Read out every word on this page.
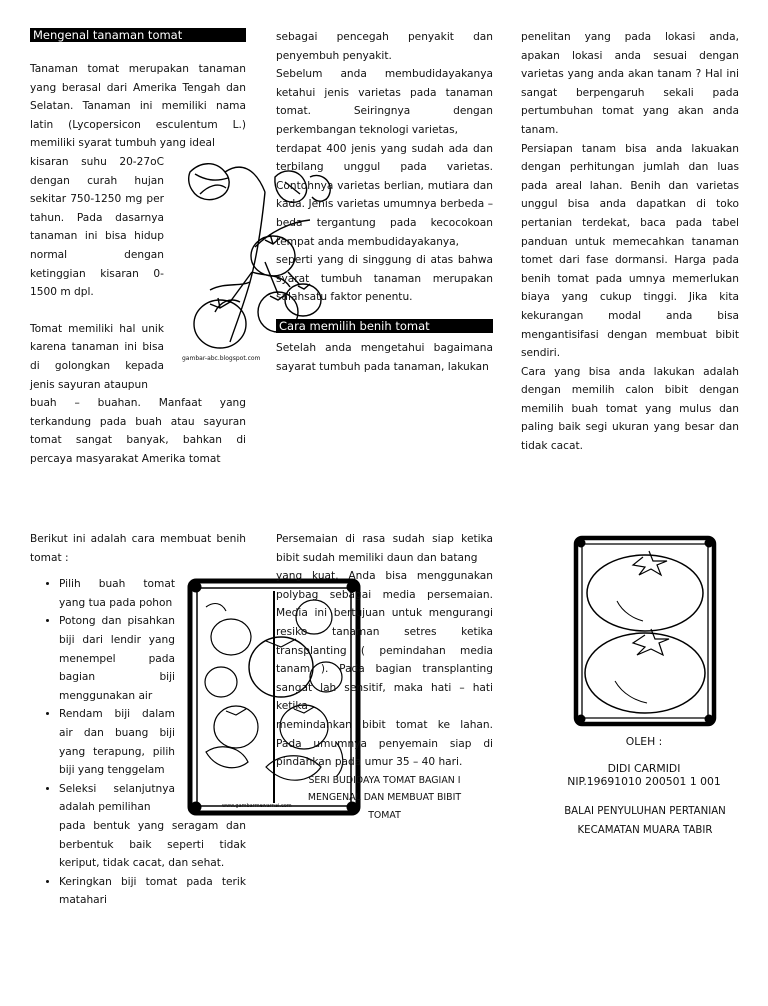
Mengenal tanaman tomat

Tanaman tomat merupakan tanaman yang berasal dari Amerika Tengah dan Selatan. Tanaman ini memiliki nama latin (Lycopersicon esculentum L.) memiliki syarat tumbuh yang ideal

kisaran suhu 20-27oC dengan curah hujan sekitar 750-1250 mg per tahun. Pada dasarnya tanaman ini bisa hidup normal dengan ketinggian kisaran 0-1500 m dpl.

Tomat memiliki hal unik karena tanaman ini bisa di golongkan kepada jenis sayuran ataupun

buah – buahan. Manfaat yang terkandung pada buah atau sayuran tomat sangat banyak, bahkan di percaya masyarakat Amerika tomat

gambar-abc.blogspot.com

sebagai pencegah penyakit dan penyembuh penyakit.

Sebelum anda membudidayakanya ketahui jenis varietas pada tanaman tomat. Seiringnya dengan perkembangan teknologi varietas,

terdapat 400 jenis yang sudah ada dan terbilang unggul pada varietas. Contohnya varietas berlian, mutiara dan kada. Jenis varietas umumnya berbeda – beda tergantung pada kecocokoan tempat anda membudidayakanya,

seperti yang di singgung di atas bahwa syarat tumbuh tanaman merupakan salahsatu faktor penentu.

Cara memilih benih tomat

Setelah anda mengetahui bagaimana sayarat tumbuh pada tanaman, lakukan

penelitan yang pada lokasi anda, apakan lokasi anda sesuai dengan varietas yang anda akan tanam ? Hal ini sangat berpengaruh sekali pada pertumbuhan tomat yang akan anda tanam.

Persiapan tanam bisa anda lakuakan dengan perhitungan jumlah dan luas pada areal lahan. Benih dan varietas unggul bisa anda dapatkan di toko pertanian terdekat, baca pada tabel panduan untuk memecahkan tanaman tomet dari fase dormansi. Harga pada benih tomat pada umnya memerlukan biaya yang cukup tinggi. Jika kita kekurangan modal anda bisa mengantisifasi dengan membuat bibit sendiri.

Cara yang bisa anda lakukan adalah dengan memilih calon bibit dengan memilih buah tomat yang mulus dan paling baik segi ukuran yang besar dan tidak cacat.

Berikut ini adalah cara membuat benih tomat :

• Pilih buah tomat yang tua pada pohon
• Potong dan pisahkan biji dari lendir yang menempel pada bagian biji menggunakan air
• Rendam biji dalam air dan buang biji yang terapung, pilih biji yang tenggelam
• Seleksi selanjutnya adalah pemilihan
pada bentuk yang seragam dan berbentuk baik seperti tidak keriput, tidak cacat, dan sehat.
• Keringkan biji tomat pada terik matahari
www.gambarmewarnai.com

Persemaian di rasa sudah siap ketika bibit sudah memiliki daun dan batang

yang kuat. Anda bisa menggunakan polybag sebagai media persemaian. Media ini bertujuan untuk mengurangi resiko tanaman setres ketika transplanting ( pemindahan media tanam ). Pada bagian transplanting sangat lah sensitif, maka hati – hati ketika

memindahkan bibit tomat ke lahan. Pada umumnya penyemain siap di pindahkan pada umur 35 – 40 hari.

SERI BUDIDAYA TOMAT BAGIAN I MENGENAL DAN MEMBUAT BIBIT TOMAT

OLEH :
DIDI CARMIDI
NIP.19691010 200501 1 001
BALAI PENYULUHAN PERTANIAN KECAMATAN MUARA TABIR
